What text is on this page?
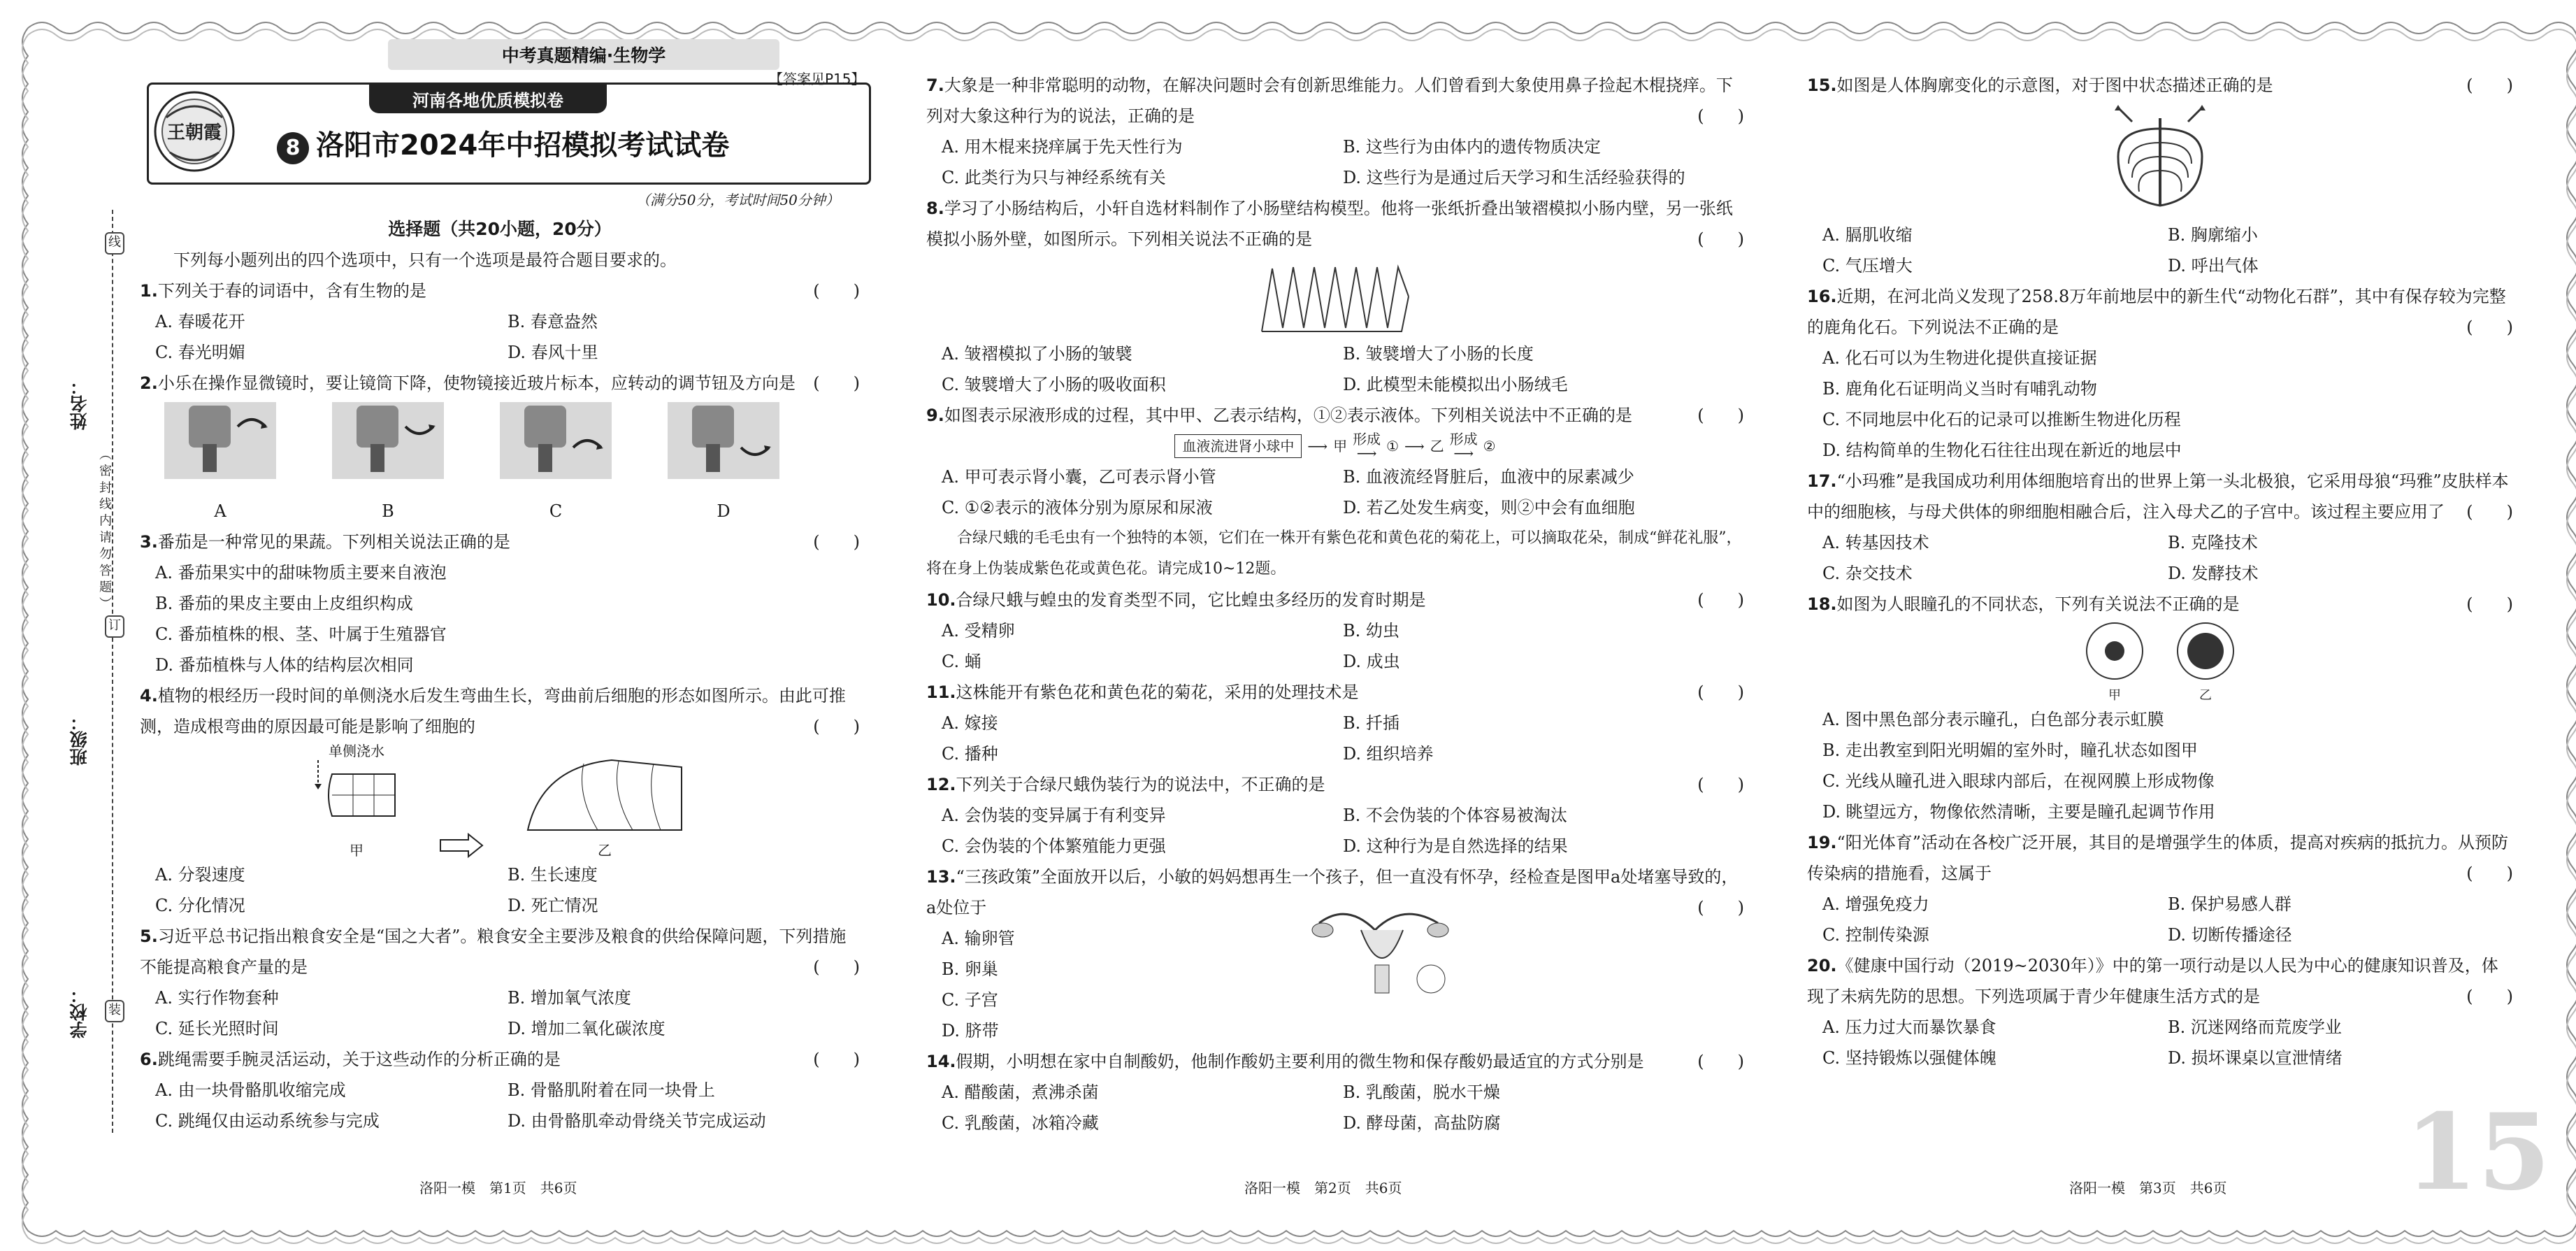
中考真题精编·生物学
【答案见P15】
王朝霞
河南各地优质模拟卷
8 洛阳市2024年中招模拟考试试卷
（满分50分，考试时间50分钟）
姓名：
班级：
学校：
线
订
装
（ 密 封 线 内 请 勿 答 题 ）
选择题（共20小题，20分）
下列每小题列出的四个选项中，只有一个选项是最符合题目要求的。
1.下列关于春的词语中，含有生物的是	(　　)
A. 春暖花开	B. 春意盎然
C. 春光明媚	D. 春风十里
2.小乐在操作显微镜时，要让镜筒下降，使物镜接近玻片标本，应转动的调节钮及方向是 (　　)
A	B	C	D
3.番茄是一种常见的果蔬。下列相关说法正确的是	(　　)
A. 番茄果实中的甜味物质主要来自液泡
B. 番茄的果皮主要由上皮组织构成
C. 番茄植株的根、茎、叶属于生殖器官
D. 番茄植株与人体的结构层次相同
4.植物的根经历一段时间的单侧浇水后发生弯曲生长，弯曲前后细胞的形态如图所示。由此可推测，造成根弯曲的原因最可能是影响了细胞的	(　　)
单侧浇水
甲	乙
A. 分裂速度	B. 生长速度
C. 分化情况	D. 死亡情况
5.习近平总书记指出粮食安全是“国之大者”。粮食安全主要涉及粮食的供给保障问题，下列措施不能提高粮食产量的是	(　　)
A. 实行作物套种	B. 增加氧气浓度
C. 延长光照时间	D. 增加二氧化碳浓度
6.跳绳需要手腕灵活运动，关于这些动作的分析正确的是	(　　)
A. 由一块骨骼肌收缩完成	B. 骨骼肌附着在同一块骨上
C. 跳绳仅由运动系统参与完成	D. 由骨骼肌牵动骨绕关节完成运动
7.大象是一种非常聪明的动物，在解决问题时会有创新思维能力。人们曾看到大象使用鼻子捡起木棍挠痒。下列对大象这种行为的说法，正确的是	(　　)
A. 用木棍来挠痒属于先天性行为	B. 这些行为由体内的遗传物质决定
C. 此类行为只与神经系统有关	D. 这些行为是通过后天学习和生活经验获得的
8.学习了小肠结构后，小轩自选材料制作了小肠壁结构模型。他将一张纸折叠出皱褶模拟小肠内壁，另一张纸模拟小肠外壁，如图所示。下列相关说法不正确的是	(　　)
A. 皱褶模拟了小肠的皱襞	B. 皱襞增大了小肠的长度
C. 皱襞增大了小肠的吸收面积	D. 此模型未能模拟出小肠绒毛
9.如图表示尿液形成的过程，其中甲、乙表示结构，①②表示液体。下列相关说法中不正确的是	(　　)
血液流进肾小球中 ⟶ 甲 形成
⟶ ① ⟶ 乙 形成
⟶ ②
A. 甲可表示肾小囊，乙可表示肾小管	B. 血液流经肾脏后，血液中的尿素减少
C. ①②表示的液体分别为原尿和尿液	D. 若乙处发生病变，则②中会有血细胞
合绿尺蛾的毛毛虫有一个独特的本领，它们在一株开有紫色花和黄色花的菊花上，可以摘取花朵，制成“鲜花礼服”，将在身上伪装成紫色花或黄色花。请完成10~12题。
10.合绿尺蛾与蝗虫的发育类型不同，它比蝗虫多经历的发育时期是	(　　)
A. 受精卵	B. 幼虫
C. 蛹	D. 成虫
11.这株能开有紫色花和黄色花的菊花，采用的处理技术是	(　　)
A. 嫁接	B. 扦插
C. 播种	D. 组织培养
12.下列关于合绿尺蛾伪装行为的说法中，不正确的是	(　　)
A. 会伪装的变异属于有利变异	B. 不会伪装的个体容易被淘汰
C. 会伪装的个体繁殖能力更强	D. 这种行为是自然选择的结果
13.“三孩政策”全面放开以后，小敏的妈妈想再生一个孩子，但一直没有怀孕，经检查是图甲a处堵塞导致的，a处位于	(　　)
A. 输卵管
B. 卵巢
C. 子宫
D. 脐带
14.假期，小明想在家中自制酸奶，他制作酸奶主要利用的微生物和保存酸奶最适宜的方式分别是	(　　)
A. 醋酸菌，煮沸杀菌	B. 乳酸菌，脱水干燥
C. 乳酸菌，冰箱冷藏	D. 酵母菌，高盐防腐
15.如图是人体胸廓变化的示意图，对于图中状态描述正确的是	(　　)
A. 膈肌收缩	B. 胸廓缩小
C. 气压增大	D. 呼出气体
16.近期，在河北尚义发现了258.8万年前地层中的新生代“动物化石群”，其中有保存较为完整的鹿角化石。下列说法不正确的是	(　　)
A. 化石可以为生物进化提供直接证据
B. 鹿角化石证明尚义当时有哺乳动物
C. 不同地层中化石的记录可以推断生物进化历程
D. 结构简单的生物化石往往出现在新近的地层中
17.“小玛雅”是我国成功利用体细胞培育出的世界上第一头北极狼，它采用母狼“玛雅”皮肤样本中的细胞核，与母犬供体的卵细胞相融合后，注入母犬乙的子宫中。该过程主要应用了 (　　)
A. 转基因技术	B. 克隆技术
C. 杂交技术	D. 发酵技术
18.如图为人眼瞳孔的不同状态，下列有关说法不正确的是	(　　)
甲	乙
A. 图中黑色部分表示瞳孔，白色部分表示虹膜
B. 走出教室到阳光明媚的室外时，瞳孔状态如图甲
C. 光线从瞳孔进入眼球内部后，在视网膜上形成物像
D. 眺望远方，物像依然清晰，主要是瞳孔起调节作用
19.“阳光体育”活动在各校广泛开展，其目的是增强学生的体质，提高对疾病的抵抗力。从预防传染病的措施看，这属于	(　　)
A. 增强免疫力	B. 保护易感人群
C. 控制传染源	D. 切断传播途径
20.《健康中国行动（2019~2030年）》中的第一项行动是以人民为中心的健康知识普及，体现了未病先防的思想。下列选项属于青少年健康生活方式的是	(　　)
A. 压力过大而暴饮暴食	B. 沉迷网络而荒废学业
C. 坚持锻炼以强健体魄	D. 损坏课桌以宣泄情绪
洛阳一模　第1页　共6页	洛阳一模　第2页　共6页	洛阳一模　第3页　共6页 15
